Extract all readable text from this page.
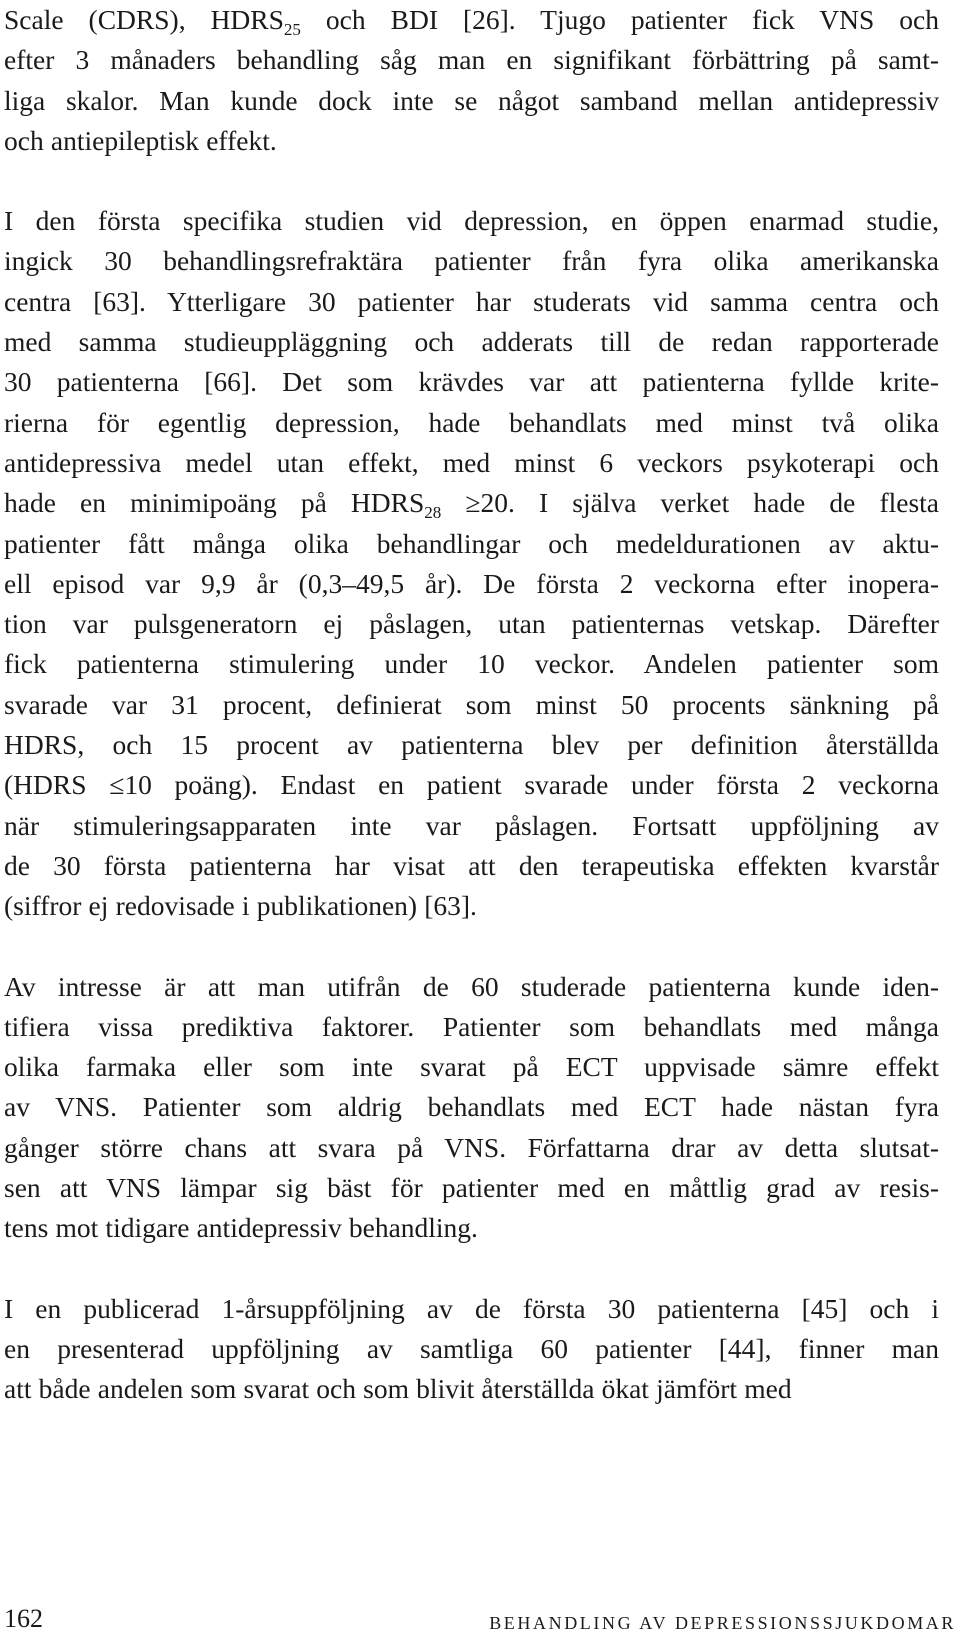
Scale (CDRS), $HDRS_{25}$ och BDI [26]. Tjugo patienter fick VNS och
efter 3 månaders behandling såg man en signifikant förbättring på samt-
liga skalor. Man kunde dock inte se något samband mellan antidepressiv
och antiepileptisk effekt.

I den första specifika studien vid depression, en öppen enarmad studie,
ingick 30 behandlingsrefraktära patienter från fyra olika amerikanska
centra [63]. Ytterligare 30 patienter har studerats vid samma centra och
med samma studieuppläggning och adderats till de redan rapporterade
30 patienterna [66]. Det som krävdes var att patienterna fyllde krite-
rierna för egentlig depression, hade behandlats med minst två olika
antidepressiva medel utan effekt, med minst 6 veckors psykoterapi och
hade en minimipoäng på $HDRS_{28} \ge 20$. I själva verket hade de flesta
patienter fått många olika behandlingar och medeldurationen av aktu-
ell episod var 9,9 år (0,3–49,5 år). De första 2 veckorna efter inopera-
tion var pulsgeneratorn ej påslagen, utan patienternas vetskap. Därefter
fick patienterna stimulering under 10 veckor. Andelen patienter som
svarade var 31 procent, definierat som minst 50 procents sänkning på
HDRS, och 15 procent av patienterna blev per definition återställda
(HDRS ≤10 poäng). Endast en patient svarade under första 2 veckorna
när stimuleringsapparaten inte var påslagen. Fortsatt uppföljning av
de 30 första patienterna har visat att den terapeutiska effekten kvarstår
(siffror ej redovisade i publikationen) [63].

Av intresse är att man utifrån de 60 studerade patienterna kunde iden-
tifiera vissa prediktiva faktorer. Patienter som behandlats med många
olika farmaka eller som inte svarat på ECT uppvisade sämre effekt
av VNS. Patienter som aldrig behandlats med ECT hade nästan fyra
gånger större chans att svara på VNS. Författarna drar av detta slutsat-
sen att VNS lämpar sig bäst för patienter med en måttlig grad av resis-
tens mot tidigare antidepressiv behandling.

I en publicerad 1-årsuppföljning av de första 30 patienterna [45] och i
en presenterad uppföljning av samtliga 60 patienter [44], finner man
att både andelen som svarat och som blivit återställda ökat jämfört med

162	BEHANDLING AV DEPRESSIONSSJUKDOMAR
